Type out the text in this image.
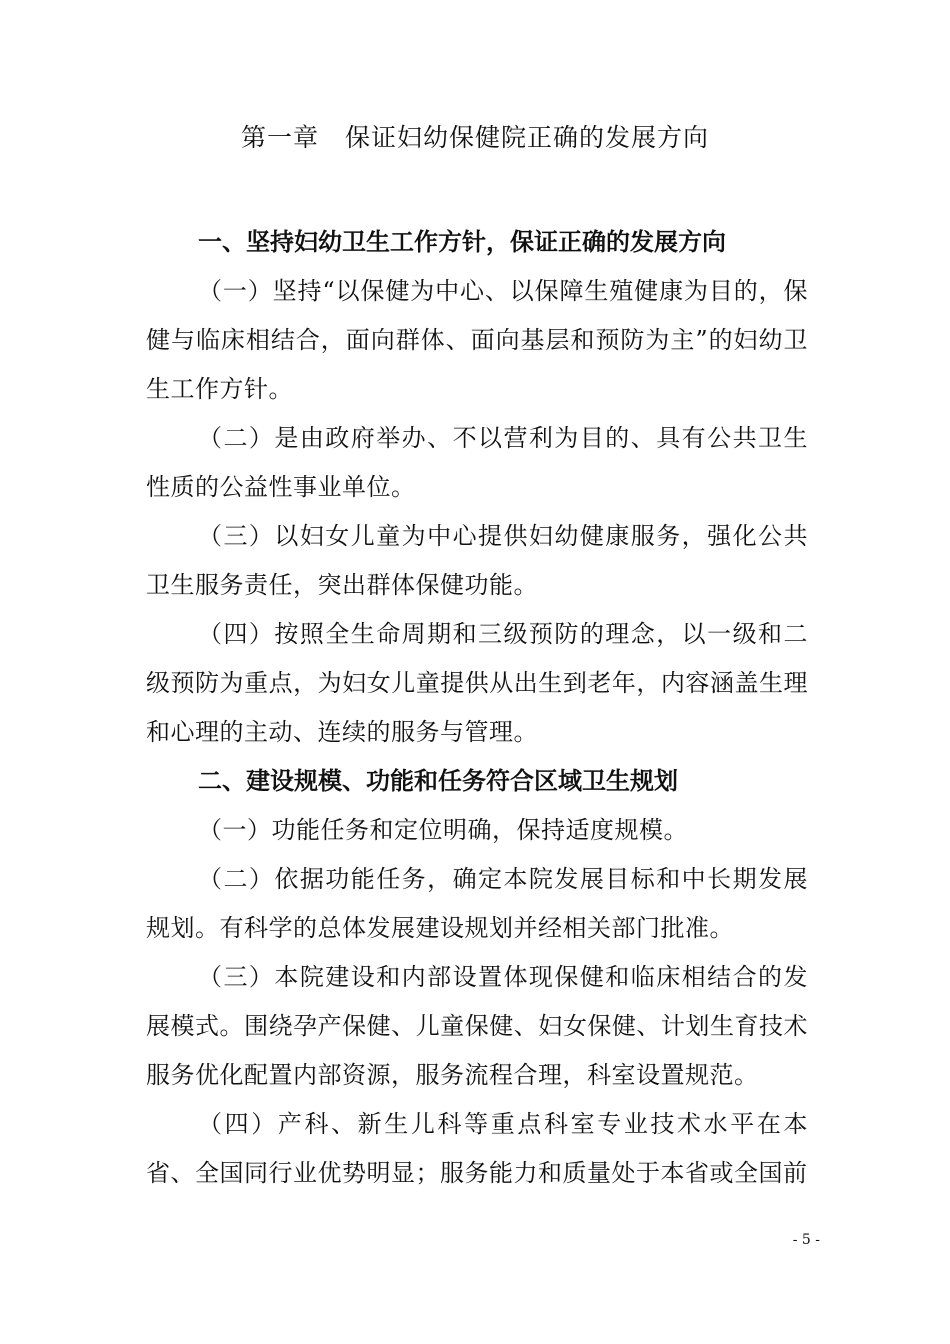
第一章　保证妇幼保健院正确的发展方向
一、坚持妇幼卫生工作方针，保证正确的发展方向

（一）坚持“以保健为中心、以保障生殖健康为目的，保健与临床相结合，面向群体、面向基层和预防为主”的妇幼卫生工作方针。

（二）是由政府举办、不以营利为目的、具有公共卫生性质的公益性事业单位。

（三）以妇女儿童为中心提供妇幼健康服务，强化公共卫生服务责任，突出群体保健功能。

（四）按照全生命周期和三级预防的理念，以一级和二级预防为重点，为妇女儿童提供从出生到老年，内容涵盖生理和心理的主动、连续的服务与管理。

二、建设规模、功能和任务符合区域卫生规划

（一）功能任务和定位明确，保持适度规模。

（二）依据功能任务，确定本院发展目标和中长期发展规划。有科学的总体发展建设规划并经相关部门批准。

（三）本院建设和内部设置体现保健和临床相结合的发展模式。围绕孕产保健、儿童保健、妇女保健、计划生育技术服务优化配置内部资源，服务流程合理，科室设置规范。

（四）产科、新生儿科等重点科室专业技术水平在本省、全国同行业优势明显；服务能力和质量处于本省或全国前

- 5 -
